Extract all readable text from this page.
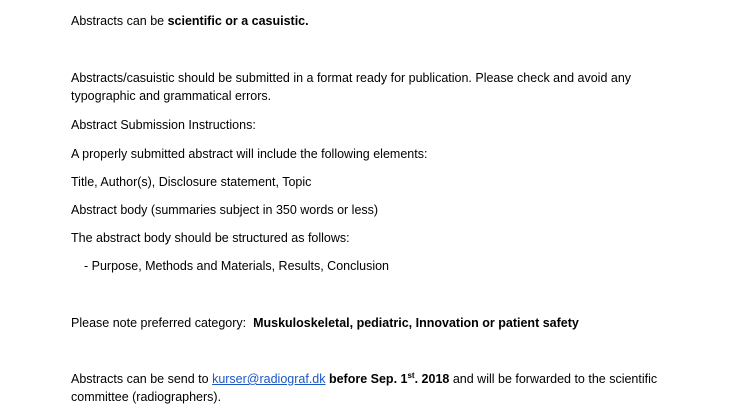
Abstracts can be scientific or a casuistic.

Abstracts/casuistic should be submitted in a format ready for publication. Please check and avoid any typographic and grammatical errors.

Abstract Submission Instructions:

A properly submitted abstract will include the following elements:

Title, Author(s), Disclosure statement, Topic

Abstract body (summaries subject in 350 words or less)

The abstract body should be structured as follows:

- Purpose, Methods and Materials, Results, Conclusion

Please note preferred category:  Muskuloskeletal, pediatric, Innovation or patient safety

Abstracts can be send to kurser@radiograf.dk before Sep. 1st. 2018 and will be forwarded to the scientific committee (radiographers).
